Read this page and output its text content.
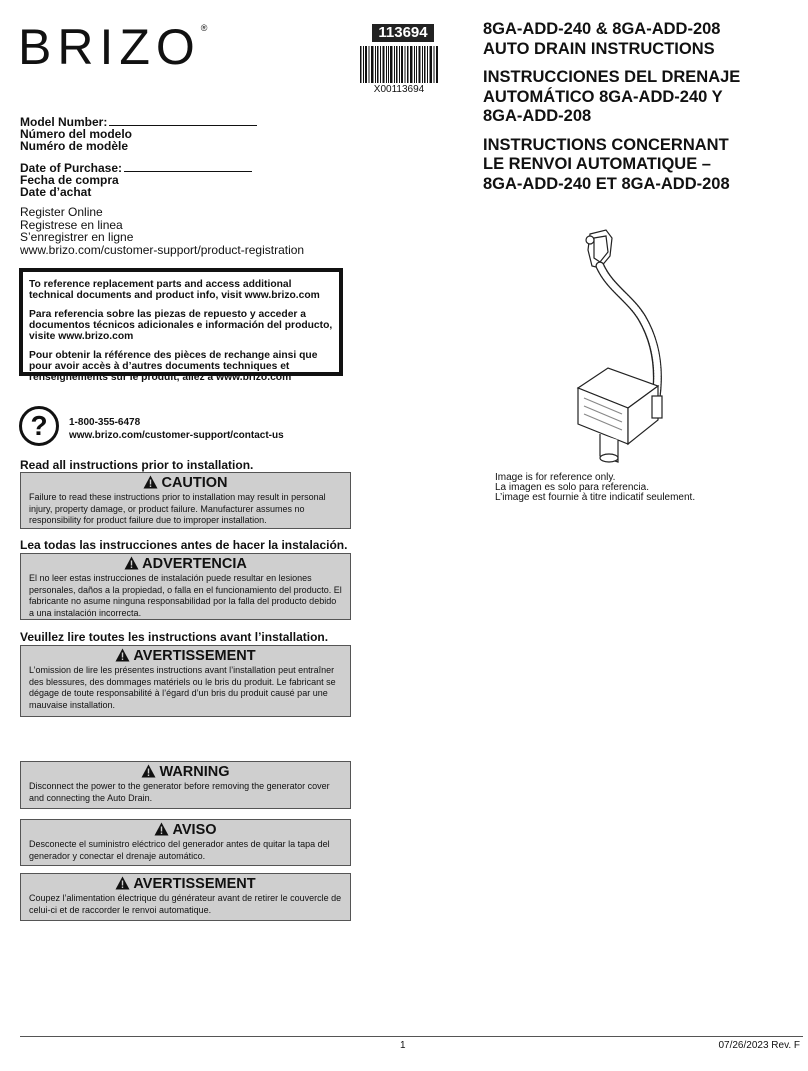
BRIZO®	113694
X00113694
8GA-ADD-240 & 8GA-ADD-208
AUTO DRAIN INSTRUCTIONS
INSTRUCCIONES DEL DRENAJE
AUTOMÁTICO 8GA-ADD-240 Y
8GA-ADD-208
INSTRUCTIONS CONCERNANT
LE RENVOI AUTOMATIQUE –
8GA-ADD-240 ET 8GA-ADD-208
Model Number:
Número del modelo
Numéro de modèle
Date of Purchase:
Fecha de compra
Date d’achat
Register Online
Registrese en linea
S’enregistrer en ligne
www.brizo.com/customer-support/product-registration

To reference replacement parts and access additional technical documents and product info, visit www.brizo.com

Para referencia sobre las piezas de repuesto y acceder a documentos técnicos adicionales e información del producto, visite www.brizo.com

Pour obtenir la référence des pièces de rechange ainsi que pour avoir accès à d’autres documents techniques et renseignements sur le produit, allez à www.brizo.com

?	1-800-355-6478
www.brizo.com/customer-support/contact-us
Read all instructions prior to installation.
CAUTION
Failure to read these instructions prior to installation may result in personal injury, property damage, or product failure. Manufacturer assumes no responsibility for product failure due to improper installation.
Lea todas las instrucciones antes de hacer la instalación.
ADVERTENCIA
El no leer estas instrucciones de instalación puede resultar en lesiones personales, daños a la propiedad, o falla en el funcionamiento del producto. El fabricante no asume ninguna responsabilidad por la falla del producto debido a una instalación incorrecta.
Veuillez lire toutes les instructions avant l’installation.
AVERTISSEMENT
L’omission de lire les présentes instructions avant l’installation peut entraîner des blessures, des dommages matériels ou le bris du produit. Le fabricant se dégage de toute responsabilité à l’égard d’un bris du produit causé par une mauvaise installation.
WARNING
Disconnect the power to the generator before removing the generator cover and connecting the Auto Drain.
AVISO
Desconecte el suministro eléctrico del generador antes de quitar la tapa del generador y conectar el drenaje automático.
AVERTISSEMENT
Coupez l’alimentation électrique du générateur avant de retirer le couvercle de celui-ci et de raccorder le renvoi automatique.
Image is for reference only.
La imagen es solo para referencia.
L’image est fournie à titre indicatif seulement.
1	07/26/2023 Rev. F
